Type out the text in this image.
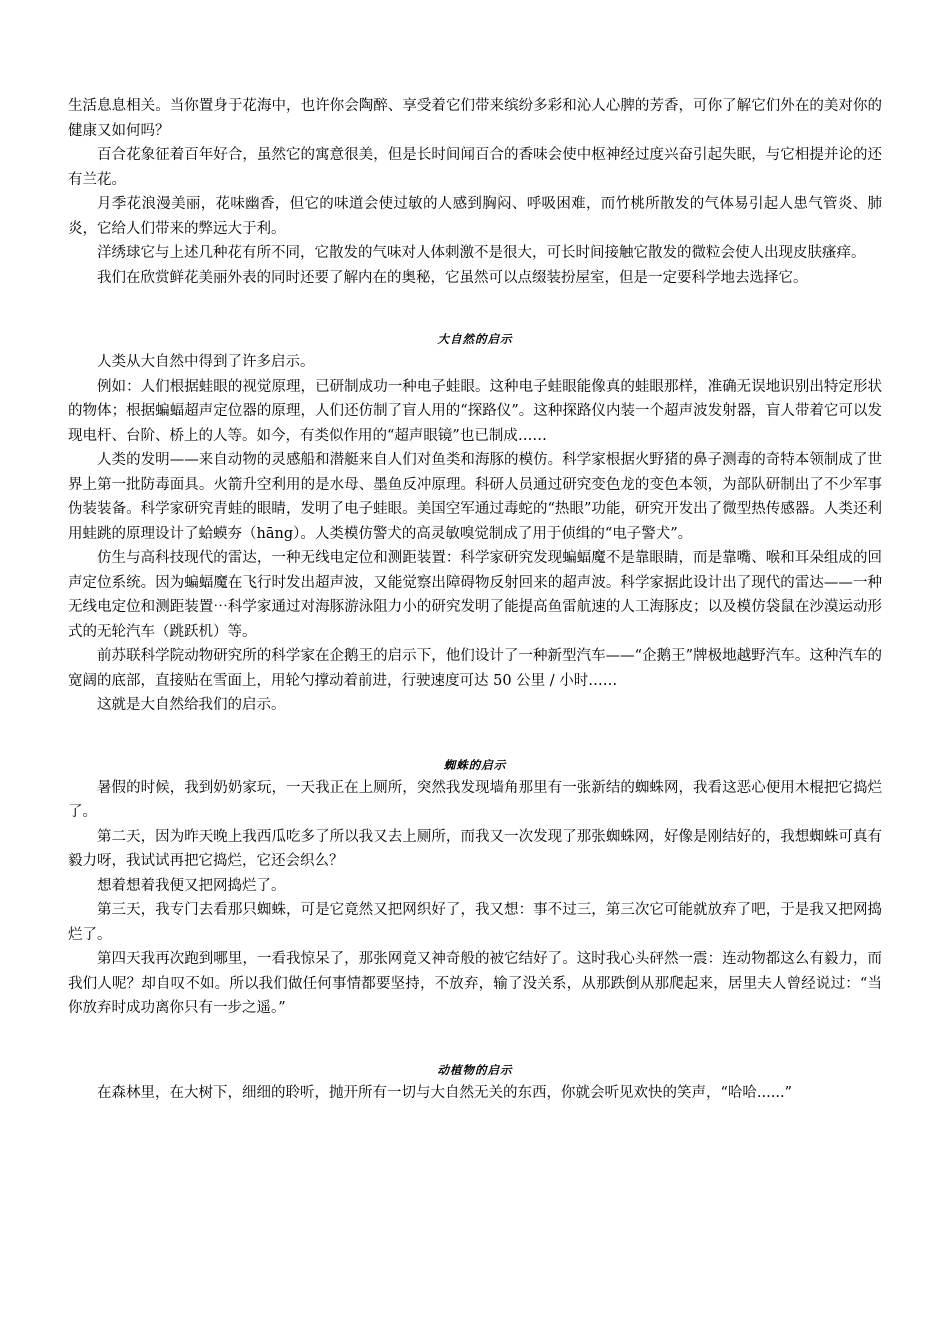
生活息息相关。当你置身于花海中，也许你会陶醉、享受着它们带来缤纷多彩和沁人心脾的芳香，可你了解它们外在的美对你的健康又如何吗？

百合花象征着百年好合，虽然它的寓意很美，但是长时间闻百合的香味会使中枢神经过度兴奋引起失眠，与它相提并论的还有兰花。

月季花浪漫美丽，花味幽香，但它的味道会使过敏的人感到胸闷、呼吸困难，而竹桃所散发的气体易引起人患气管炎、肺炎，它给人们带来的弊远大于利。

洋绣球它与上述几种花有所不同，它散发的气味对人体刺激不是很大，可长时间接触它散发的微粒会使人出现皮肤瘙痒。

我们在欣赏鲜花美丽外表的同时还要了解内在的奥秘，它虽然可以点缀装扮屋室，但是一定要科学地去选择它。

大自然的启示

人类从大自然中得到了许多启示。

例如：人们根据蛙眼的视觉原理，已研制成功一种电子蛙眼。这种电子蛙眼能像真的蛙眼那样，准确无误地识别出特定形状的物体；根据蝙蝠超声定位器的原理，人们还仿制了盲人用的“探路仪”。这种探路仪内装一个超声波发射器，盲人带着它可以发现电杆、台阶、桥上的人等。如今，有类似作用的“超声眼镜”也已制成……

人类的发明——来自动物的灵感船和潜艇来自人们对鱼类和海豚的模仿。科学家根据火野猪的鼻子测毒的奇特本领制成了世界上第一批防毒面具。火箭升空利用的是水母、墨鱼反冲原理。科研人员通过研究变色龙的变色本领，为部队研制出了不少军事伪装装备。科学家研究青蛙的眼睛，发明了电子蛙眼。美国空军通过毒蛇的“热眼”功能，研究开发出了微型热传感器。人类还利用蛙跳的原理设计了蛤蟆夯（hāng）。人类模仿警犬的高灵敏嗅觉制成了用于侦缉的“电子警犬”。

仿生与高科技现代的雷达，一种无线电定位和测距装置：科学家研究发现蝙蝠魔不是靠眼睛，而是靠嘴、喉和耳朵组成的回声定位系统。因为蝙蝠魔在飞行时发出超声波，又能觉察出障碍物反射回来的超声波。科学家据此设计出了现代的雷达——一种无线电定位和测距装置⋯科学家通过对海豚游泳阻力小的研究发明了能提高鱼雷航速的人工海豚皮；以及模仿袋鼠在沙漠运动形式的无轮汽车（跳跃机）等。

前苏联科学院动物研究所的科学家在企鹅王的启示下，他们设计了一种新型汽车——“企鹅王”牌极地越野汽车。这种汽车的宽阔的底部，直接贴在雪面上，用轮勺撑动着前进，行驶速度可达 50 公里 / 小时……

这就是大自然给我们的启示。

蜘蛛的启示

暑假的时候，我到奶奶家玩，一天我正在上厕所，突然我发现墙角那里有一张新结的蜘蛛网，我看这恶心便用木棍把它捣烂了。

第二天，因为昨天晚上我西瓜吃多了所以我又去上厕所，而我又一次发现了那张蜘蛛网，好像是刚结好的，我想蜘蛛可真有毅力呀，我试试再把它捣烂，它还会织么？

想着想着我便又把网捣烂了。

第三天，我专门去看那只蜘蛛，可是它竟然又把网织好了，我又想：事不过三，第三次它可能就放弃了吧，于是我又把网捣烂了。

第四天我再次跑到哪里，一看我惊呆了，那张网竟又神奇般的被它结好了。这时我心头砰然一震：连动物都这么有毅力，而我们人呢？却自叹不如。所以我们做任何事情都要坚持，不放弃，输了没关系，从那跌倒从那爬起来，居里夫人曾经说过：“当你放弃时成功离你只有一步之遥。”

动植物的启示

在森林里，在大树下，细细的聆听，抛开所有一切与大自然无关的东西，你就会听见欢快的笑声，“哈哈......”
